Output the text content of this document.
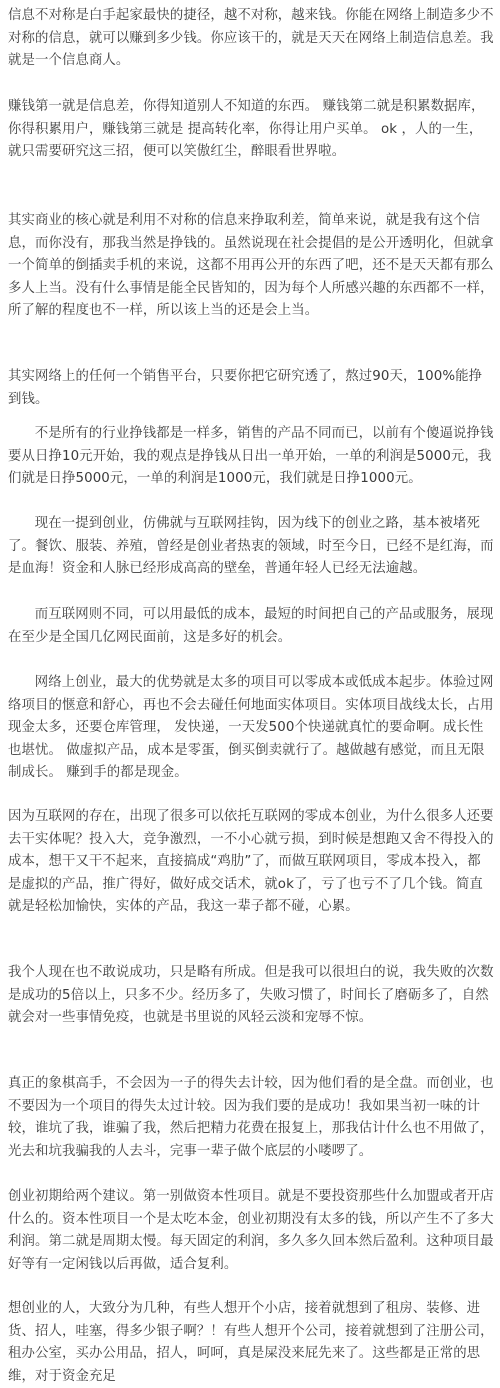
信息不对称是白手起家最快的捷径，越不对称，越来钱。你能在网络上制造多少不对称的信息，就可以赚到多少钱。你应该干的，就是天天在网络上制造信息差。我就是一个信息商人。

赚钱第一就是信息差，你得知道别人不知道的东西。 赚钱第二就是积累数据库，你得积累用户，赚钱第三就是 提高转化率，你得让用户买单。 ok ，人的一生，就只需要研究这三招，便可以笑傲红尘，醉眼看世界啦。

其实商业的核心就是利用不对称的信息来挣取利差，简单来说，就是我有这个信息，而你没有，那我当然是挣钱的。虽然说现在社会提倡的是公开透明化，但就拿一个简单的倒插卖手机的来说，这都不用再公开的东西了吧，还不是天天都有那么多人上当。没有什么事情是能全民皆知的，因为每个人所感兴趣的东西都不一样，所了解的程度也不一样，所以该上当的还是会上当。

其实网络上的任何一个销售平台，只要你把它研究透了，熬过90天，100%能挣到钱。

不是所有的行业挣钱都是一样多，销售的产品不同而已，以前有个傻逼说挣钱要从日挣10元开始，我的观点是挣钱从日出一单开始，一单的利润是5000元，我们就是日挣5000元，一单的利润是1000元，我们就是日挣1000元。

现在一提到创业，仿佛就与互联网挂钩，因为线下的创业之路，基本被堵死了。餐饮、服装、养殖，曾经是创业者热衷的领域，时至今日，已经不是红海，而是血海！资金和人脉已经形成高高的壁垒，普通年轻人已经无法逾越。

而互联网则不同，可以用最低的成本，最短的时间把自己的产品或服务，展现在至少是全国几亿网民面前，这是多好的机会。

网络上创业，最大的优势就是太多的项目可以零成本或低成本起步。体验过网络项目的惬意和舒心，再也不会去碰任何地面实体项目。实体项目战线太长，占用现金太多，还要仓库管理， 发快递，一天发500个快递就真忙的要命啊。成长性也堪忧。 做虚拟产品，成本是零蛋，倒买倒卖就行了。越做越有感觉，而且无限制成长。 赚到手的都是现金。

因为互联网的存在，出现了很多可以依托互联网的零成本创业，为什么很多人还要去干实体呢？投入大，竞争激烈，一不小心就亏损，到时候是想跑又舍不得投入的成本，想干又干不起来，直接搞成“鸡肋”了，而做互联网项目，零成本投入，都是虚拟的产品，推广得好，做好成交话术，就ok了，亏了也亏不了几个钱。简直就是轻松加愉快，实体的产品，我这一辈子都不碰，心累。

我个人现在也不敢说成功，只是略有所成。但是我可以很坦白的说，我失败的次数是成功的5倍以上，只多不少。经历多了，失败习惯了，时间长了磨砺多了，自然就会对一些事情免疫，也就是书里说的风轻云淡和宠辱不惊。

真正的象棋高手，不会因为一子的得失去计较，因为他们看的是全盘。而创业，也不要因为一个项目的得失太过计较。因为我们要的是成功！我如果当初一味的计较，谁坑了我，谁骗了我，然后把精力花费在报复上，那我估计什么也不用做了，光去和坑我骗我的人去斗，完事一辈子做个底层的小喽啰了。

创业初期给两个建议。第一别做资本性项目。就是不要投资那些什么加盟或者开店什么的。资本性项目一个是太吃本金，创业初期没有太多的钱，所以产生不了多大利润。第二就是周期太慢。每天固定的利润，多久多久回本然后盈利。这种项目最好等有一定闲钱以后再做，适合复利。

想创业的人，大致分为几种，有些人想开个小店，接着就想到了租房、装修、进货、招人，哇塞，得多少银子啊？！有些人想开个公司，接着就想到了注册公司，租办公室，买办公用品，招人，呵呵，真是屎没来屁先来了。这些都是正常的思维，对于资金充足
